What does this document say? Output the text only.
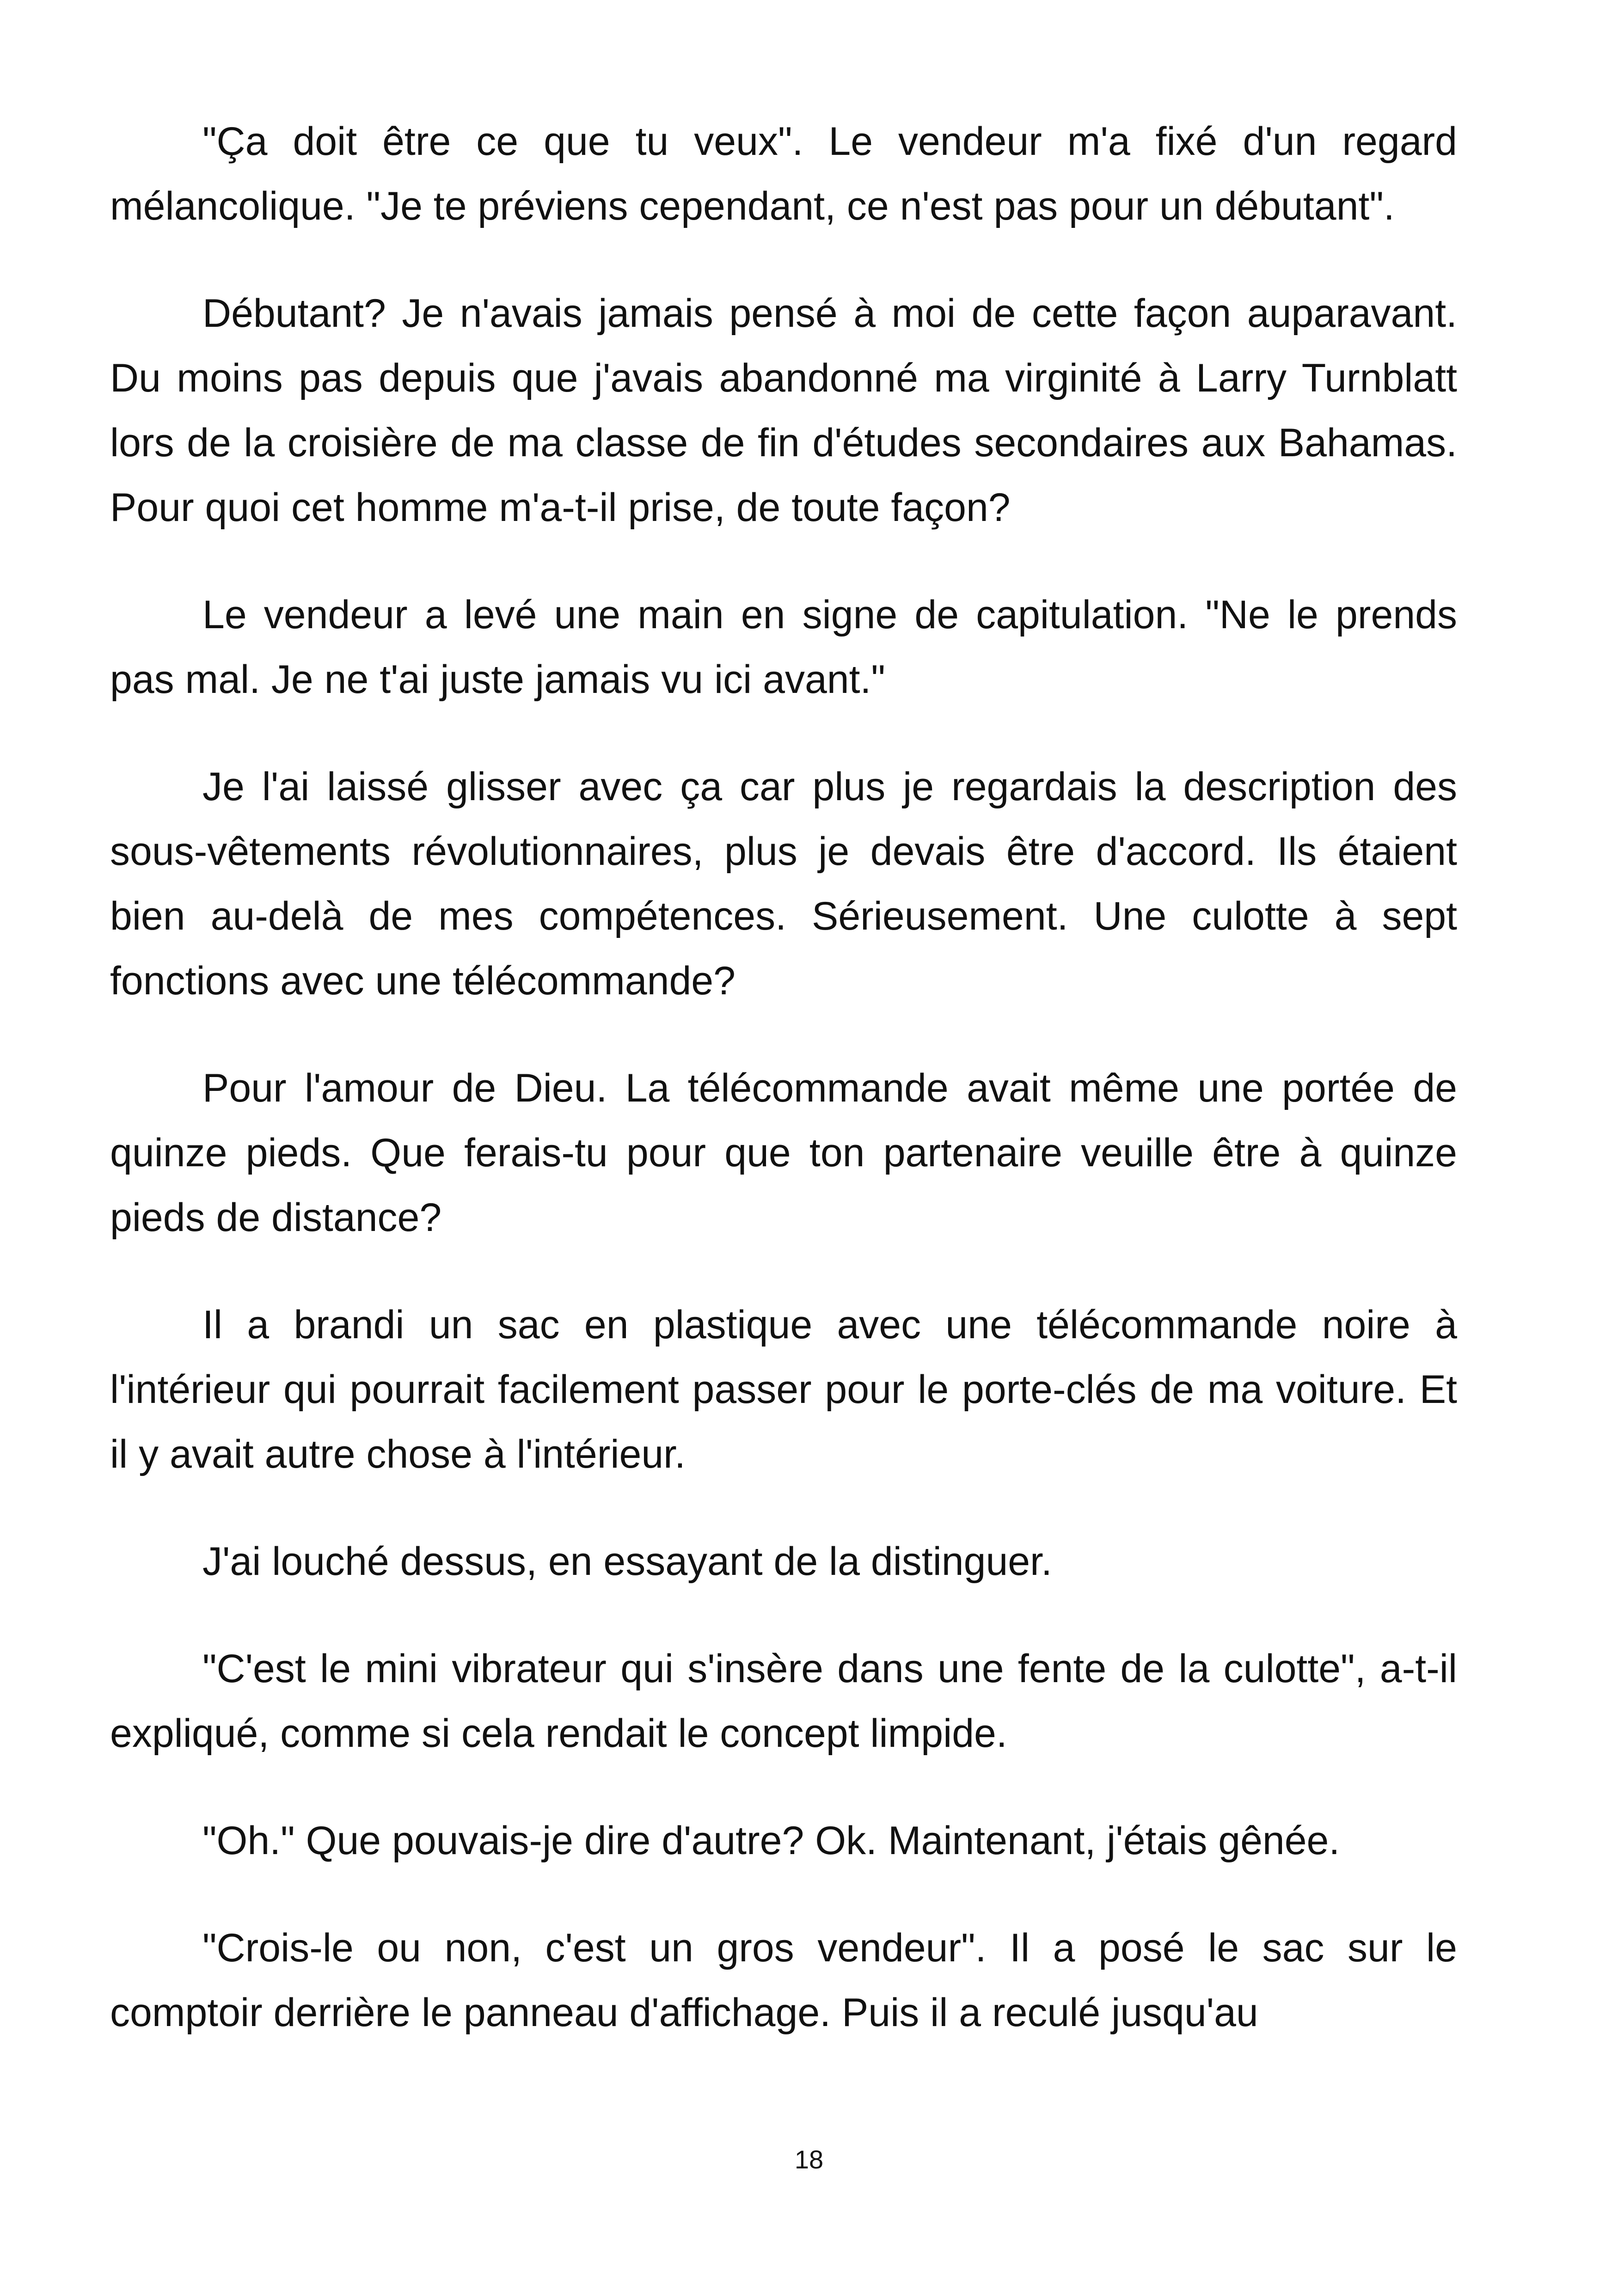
"Ça doit être ce que tu veux". Le vendeur m'a fixé d'un regard mélancolique. "Je te préviens cependant, ce n'est pas pour un débutant".

Débutant? Je n'avais jamais pensé à moi de cette façon auparavant. Du moins pas depuis que j'avais abandonné ma virginité à Larry Turnblatt lors de la croisière de ma classe de fin d'études secondaires aux Bahamas. Pour quoi cet homme m'a-t-il prise, de toute façon?

Le vendeur a levé une main en signe de capitulation. "Ne le prends pas mal. Je ne t'ai juste jamais vu ici avant."

Je l'ai laissé glisser avec ça car plus je regardais la description des sous-vêtements révolutionnaires, plus je devais être d'accord. Ils étaient bien au-delà de mes compétences. Sérieusement. Une culotte à sept fonctions avec une télécommande?

Pour l'amour de Dieu. La télécommande avait même une portée de quinze pieds. Que ferais-tu pour que ton partenaire veuille être à quinze pieds de distance?

Il a brandi un sac en plastique avec une télécommande noire à l'intérieur qui pourrait facilement passer pour le porte-clés de ma voiture. Et il y avait autre chose à l'intérieur.

J'ai louché dessus, en essayant de la distinguer.

"C'est le mini vibrateur qui s'insère dans une fente de la culotte", a-t-il expliqué, comme si cela rendait le concept limpide.

"Oh." Que pouvais-je dire d'autre? Ok. Maintenant, j'étais gênée.

"Crois-le ou non, c'est un gros vendeur". Il a posé le sac sur le comptoir derrière le panneau d'affichage. Puis il a reculé jusqu'au

18
